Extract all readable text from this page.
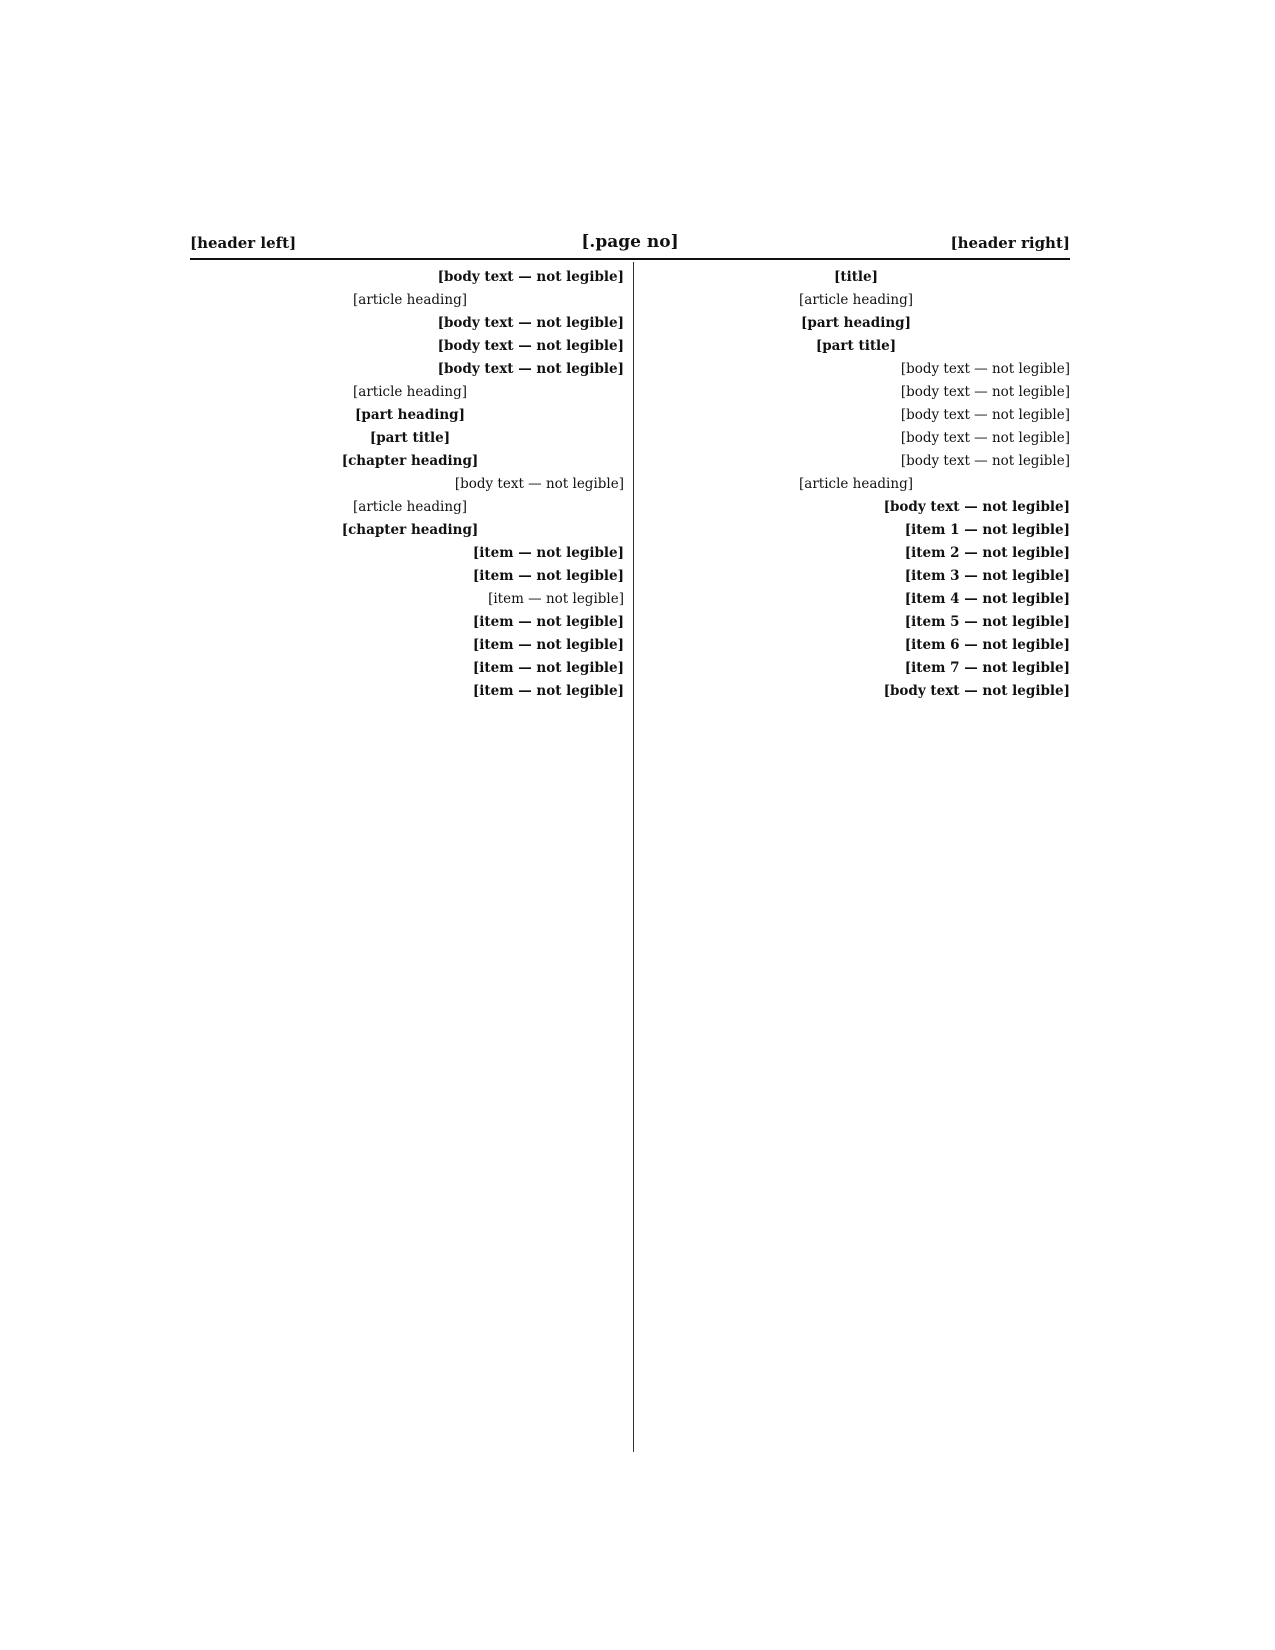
[header right]
[page no.]
[header left]

[title]

[article heading]

[part heading]

[part title]

[body text — not legible]

[body text — not legible]

[body text — not legible]

[body text — not legible]

[body text — not legible]

[article heading]

[body text — not legible]

[item 1 — not legible]

[item 2 — not legible]

[item 3 — not legible]

[item 4 — not legible]

[item 5 — not legible]

[item 6 — not legible]

[item 7 — not legible]

[body text — not legible]

[body text — not legible]

[article heading]

[body text — not legible]

[body text — not legible]

[body text — not legible]

[article heading]

[part heading]

[part title]

[chapter heading]

[body text — not legible]

[article heading]

[chapter heading]

[item — not legible]

[item — not legible]

[item — not legible]

[item — not legible]

[item — not legible]

[item — not legible]

[item — not legible]
